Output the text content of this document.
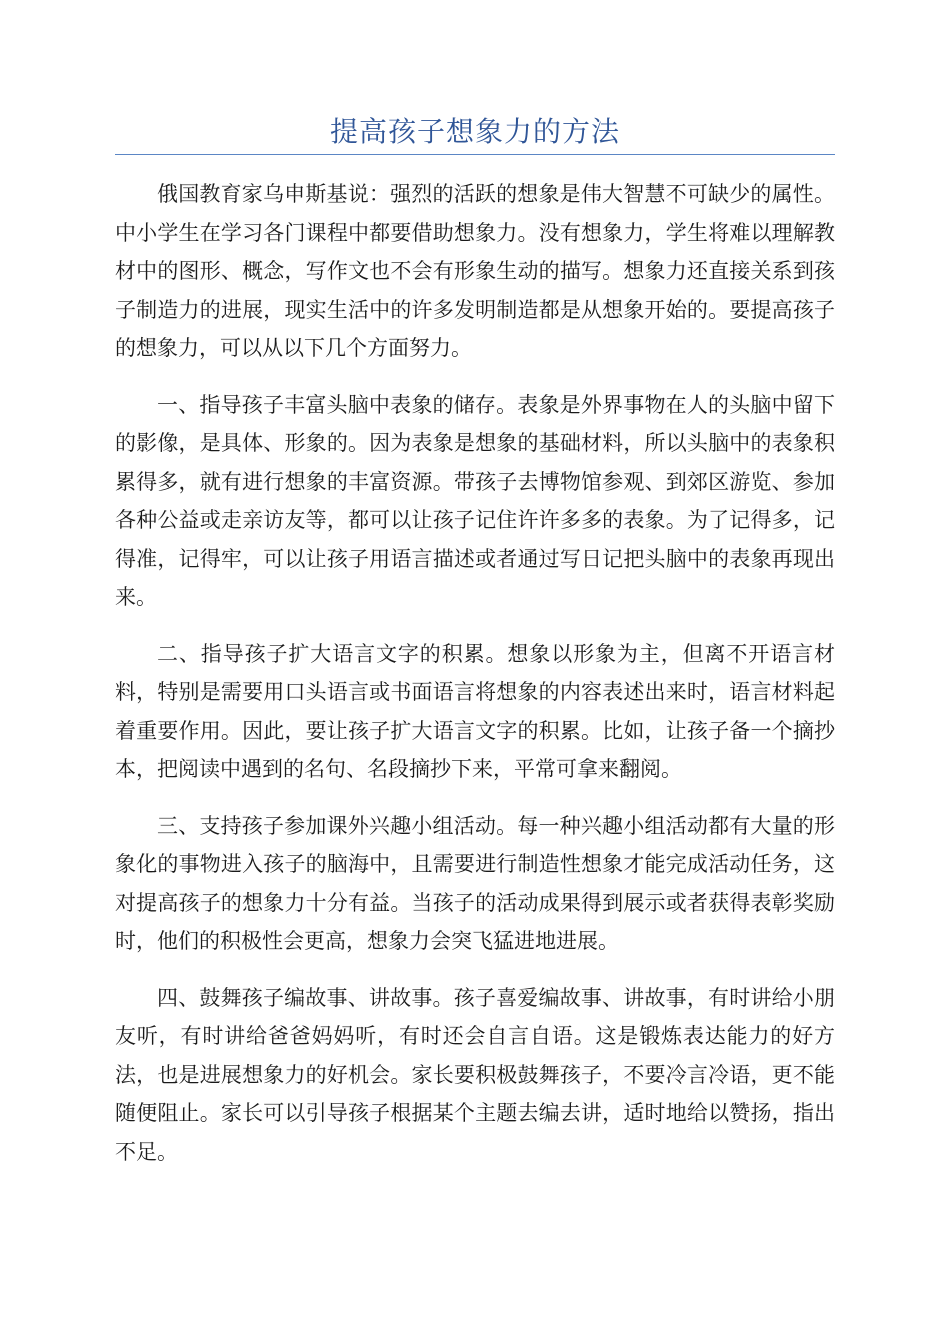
提高孩子想象力的方法

俄国教育家乌申斯基说：强烈的活跃的想象是伟大智慧不可缺少的属性。中小学生在学习各门课程中都要借助想象力。没有想象力，学生将难以理解教材中的图形、概念，写作文也不会有形象生动的描写。想象力还直接关系到孩子制造力的进展，现实生活中的许多发明制造都是从想象开始的。要提高孩子的想象力，可以从以下几个方面努力。

一、指导孩子丰富头脑中表象的储存。表象是外界事物在人的头脑中留下的影像，是具体、形象的。因为表象是想象的基础材料，所以头脑中的表象积累得多，就有进行想象的丰富资源。带孩子去博物馆参观、到郊区游览、参加各种公益或走亲访友等，都可以让孩子记住许许多多的表象。为了记得多，记得准，记得牢，可以让孩子用语言描述或者通过写日记把头脑中的表象再现出来。

二、指导孩子扩大语言文字的积累。想象以形象为主，但离不开语言材料，特别是需要用口头语言或书面语言将想象的内容表述出来时，语言材料起着重要作用。因此，要让孩子扩大语言文字的积累。比如，让孩子备一个摘抄本，把阅读中遇到的名句、名段摘抄下来，平常可拿来翻阅。

三、支持孩子参加课外兴趣小组活动。每一种兴趣小组活动都有大量的形象化的事物进入孩子的脑海中，且需要进行制造性想象才能完成活动任务，这对提高孩子的想象力十分有益。当孩子的活动成果得到展示或者获得表彰奖励时，他们的积极性会更高，想象力会突飞猛进地进展。

四、鼓舞孩子编故事、讲故事。孩子喜爱编故事、讲故事，有时讲给小朋友听，有时讲给爸爸妈妈听，有时还会自言自语。这是锻炼表达能力的好方法，也是进展想象力的好机会。家长要积极鼓舞孩子，不要冷言冷语，更不能随便阻止。家长可以引导孩子根据某个主题去编去讲，适时地给以赞扬，指出不足。
